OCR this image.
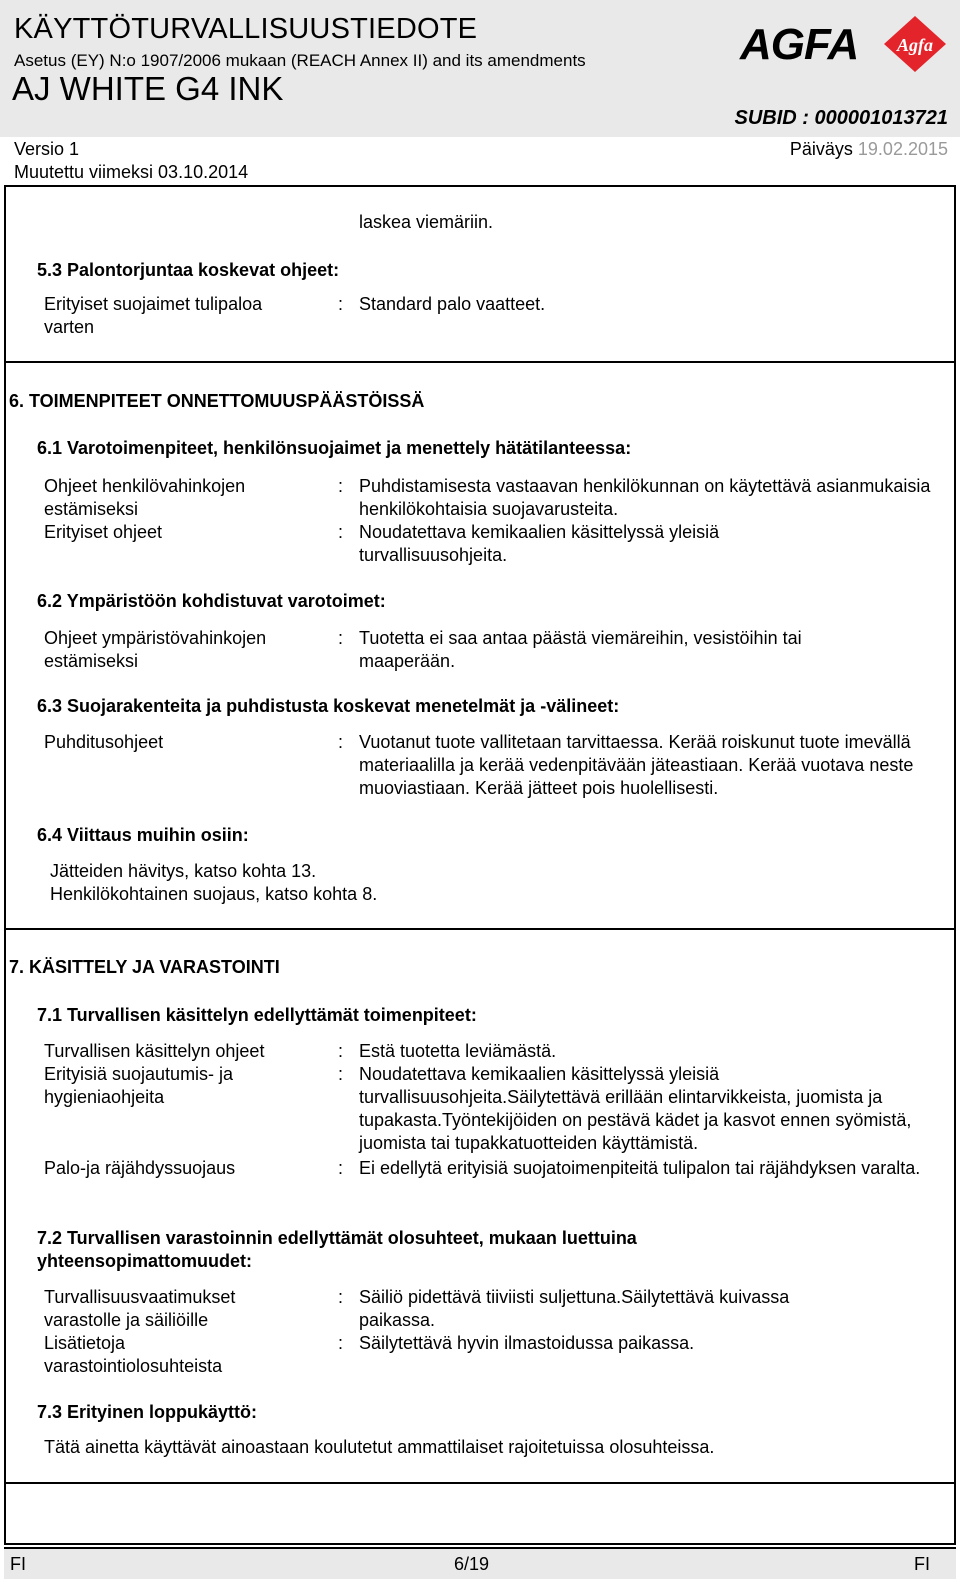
KÄYTTÖTURVALLISUUSTIEDOTE
Asetus (EY) N:o 1907/2006 mukaan (REACH Annex II) and its amendments
AJ WHITE G4 INK
SUBID : 000001013721
Versio 1
Muutettu viimeksi 03.10.2014
Päiväys 19.02.2015
AGFA Agfa
laskea viemäriin.
5.3 Palontorjuntaa koskevat ohjeet:
Erityiset suojaimet tulipaloa varten
: Standard palo vaatteet.
6. TOIMENPITEET ONNETTOMUUSPÄÄSTÖISSÄ
6.1 Varotoimenpiteet, henkilönsuojaimet ja menettely hätätilanteessa:
Ohjeet henkilövahinkojen estämiseksi
: Puhdistamisesta vastaavan henkilökunnan on käytettävä asianmukaisia henkilökohtaisia suojavarusteita.
Erityiset ohjeet	: Noudatettava kemikaalien käsittelyssä yleisiä turvallisuusohjeita.
6.2 Ympäristöön kohdistuvat varotoimet:
Ohjeet ympäristövahinkojen estämiseksi
: Tuotetta ei saa antaa päästä viemäreihin, vesistöihin tai maaperään.
6.3 Suojarakenteita ja puhdistusta koskevat menetelmät ja -välineet:
Puhditusohjeet	: Vuotanut tuote vallitetaan tarvittaessa. Kerää roiskunut tuote imevällä materiaalilla ja kerää vedenpitävään jäteastiaan. Kerää vuotava neste muoviastiaan. Kerää jätteet pois huolellisesti.
6.4 Viittaus muihin osiin:
Jätteiden hävitys, katso kohta 13.
Henkilökohtainen suojaus, katso kohta 8.
7. KÄSITTELY JA VARASTOINTI
7.1 Turvallisen käsittelyn edellyttämät toimenpiteet:
Turvallisen käsittelyn ohjeet	: Estä tuotetta leviämästä.
Erityisiä suojautumis- ja hygieniaohjeita
: Noudatettava kemikaalien käsittelyssä yleisiä turvallisuusohjeita.Säilytettävä erillään elintarvikkeista, juomista ja tupakasta.Työntekijöiden on pestävä kädet ja kasvot ennen syömistä, juomista tai tupakkatuotteiden käyttämistä.
Palo-ja räjähdyssuojaus	: Ei edellytä erityisiä suojatoimenpiteitä tulipalon tai räjähdyksen varalta.
7.2 Turvallisen varastoinnin edellyttämät olosuhteet, mukaan luettuina
yhteensopimattomuudet:
Turvallisuusvaatimukset varastolle ja säiliöille
: Säiliö pidettävä tiiviisti suljettuna.Säilytettävä kuivassa paikassa.
Lisätietoja varastointiolosuhteista
: Säilytettävä hyvin ilmastoidussa paikassa.
7.3 Erityinen loppukäyttö:
Tätä ainetta käyttävät ainoastaan koulutetut ammattilaiset rajoitetuissa olosuhteissa.
FI	6/19	FI
